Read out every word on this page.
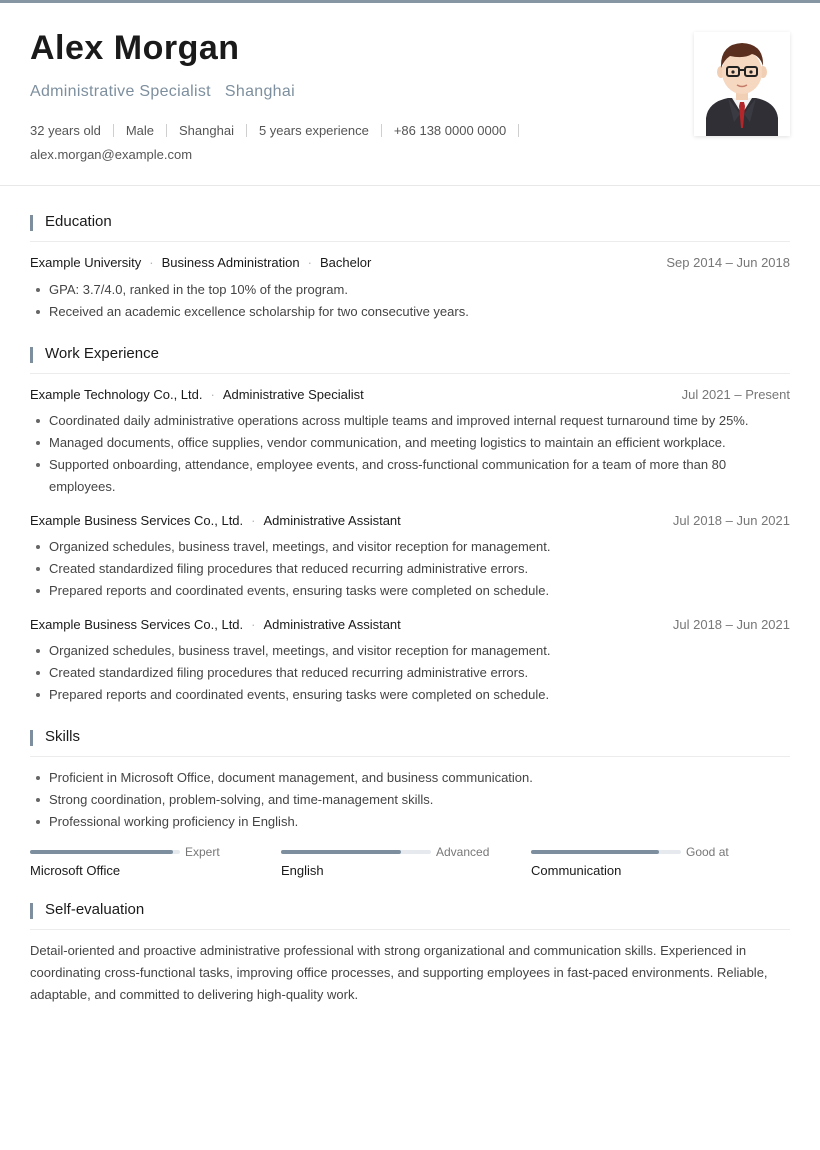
Alex Morgan
Administrative Specialist Shanghai
32 years old Male Shanghai 5 years experience +86 138 0000 0000
alex.morgan@example.com
Education
Example University · Business Administration · Bachelor	Sep 2014 – Jun 2018
GPA: 3.7/4.0, ranked in the top 10% of the program.
Received an academic excellence scholarship for two consecutive years.
Work Experience
Example Technology Co., Ltd. · Administrative Specialist	Jul 2021 – Present
Coordinated daily administrative operations across multiple teams and improved internal request turnaround time by 25%.
Managed documents, office supplies, vendor communication, and meeting logistics to maintain an efficient workplace.
Supported onboarding, attendance, employee events, and cross-functional communication for a team of more than 80 employees.
Example Business Services Co., Ltd. · Administrative Assistant	Jul 2018 – Jun 2021
Organized schedules, business travel, meetings, and visitor reception for management.
Created standardized filing procedures that reduced recurring administrative errors.
Prepared reports and coordinated events, ensuring tasks were completed on schedule.
Example Business Services Co., Ltd. · Administrative Assistant	Jul 2018 – Jun 2021
Organized schedules, business travel, meetings, and visitor reception for management.
Created standardized filing procedures that reduced recurring administrative errors.
Prepared reports and coordinated events, ensuring tasks were completed on schedule.
Skills
Proficient in Microsoft Office, document management, and business communication.
Strong coordination, problem-solving, and time-management skills.
Professional working proficiency in English.
Expert
Microsoft Office
Advanced
English
Good at
Communication
Self-evaluation
Detail-oriented and proactive administrative professional with strong organizational and communication skills. Experienced in coordinating cross-functional tasks, improving office processes, and supporting employees in fast-paced environments. Reliable, adaptable, and committed to delivering high-quality work.
